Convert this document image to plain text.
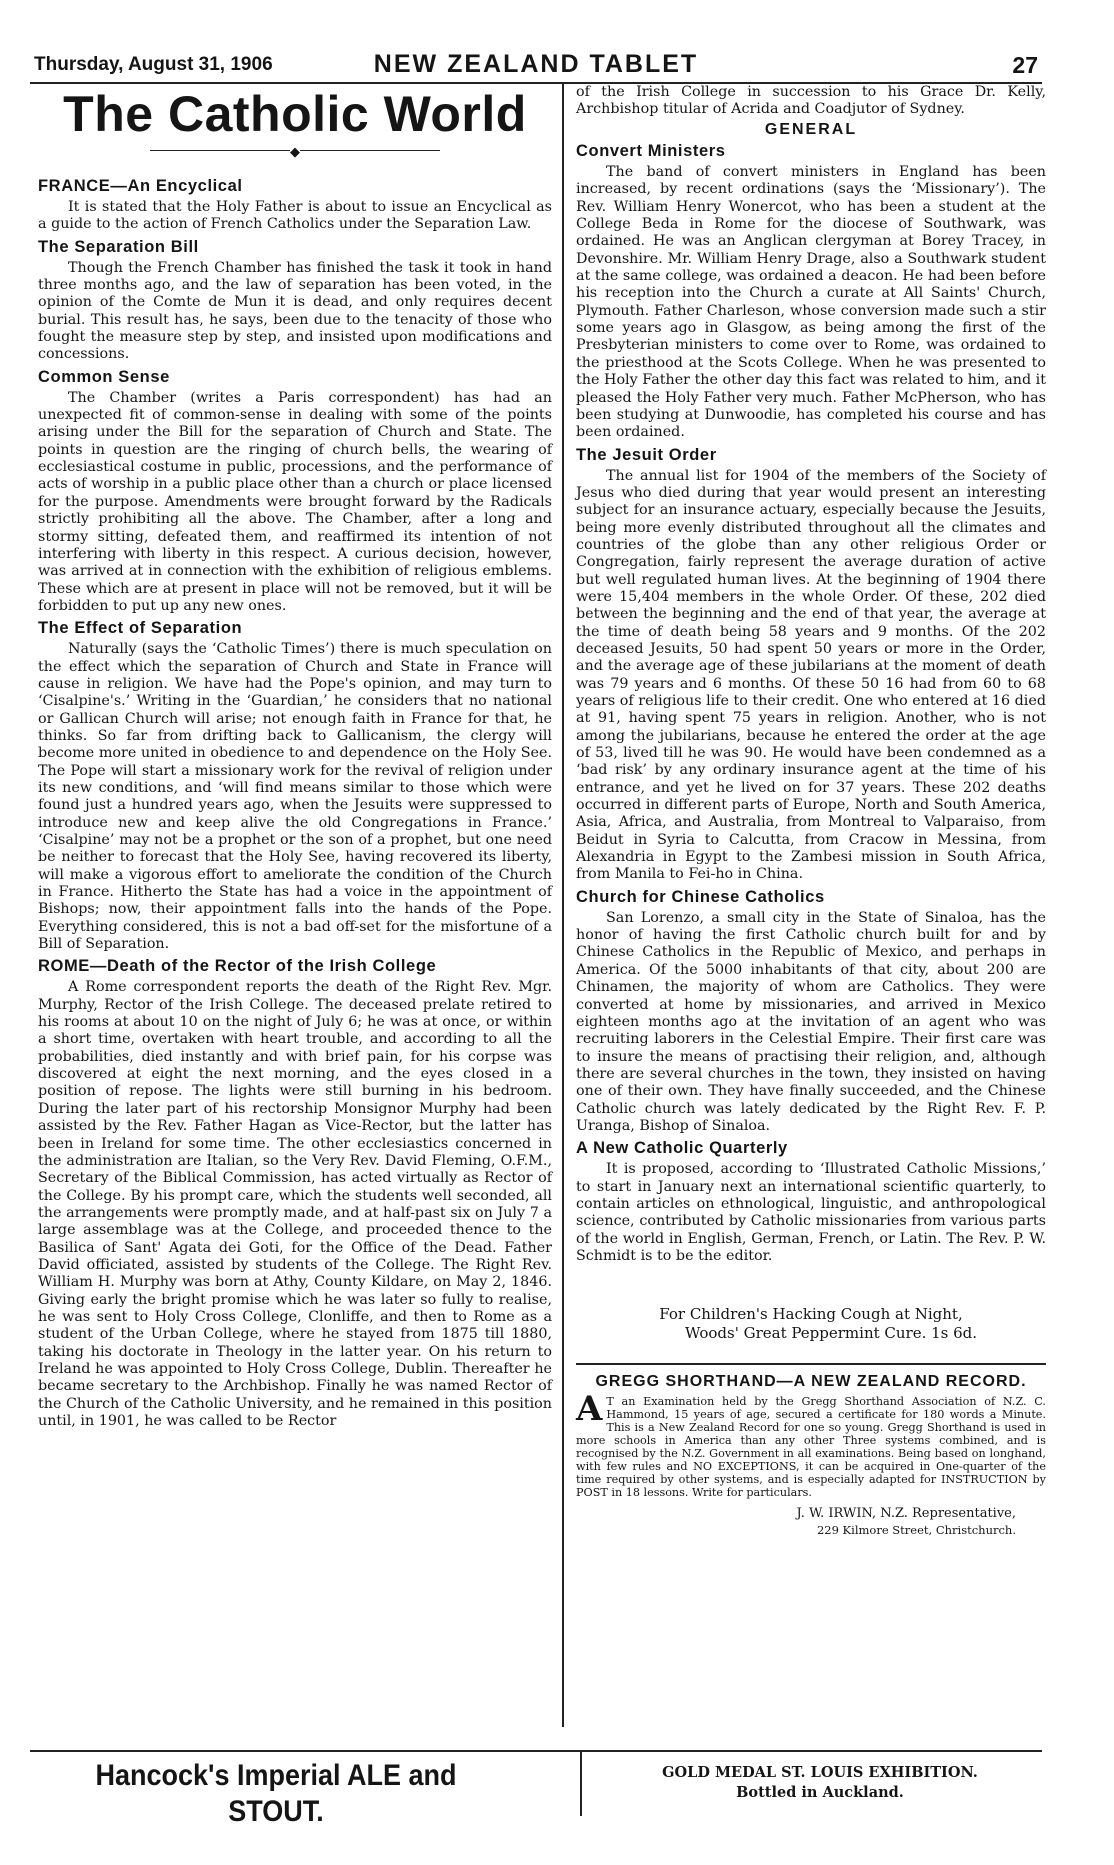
Thursday, August 31, 1906	NEW ZEALAND TABLET	27
The Catholic World
◆
FRANCE—An Encyclical

It is stated that the Holy Father is about to issue an Encyclical as a guide to the action of French Catholics under the Separation Law.

The Separation Bill

Though the French Chamber has finished the task it took in hand three months ago, and the law of separation has been voted, in the opinion of the Comte de Mun it is dead, and only requires decent burial. This result has, he says, been due to the tenacity of those who fought the measure step by step, and insisted upon modifications and concessions.

Common Sense

The Chamber (writes a Paris correspondent) has had an unexpected fit of common-sense in dealing with some of the points arising under the Bill for the separation of Church and State. The points in question are the ringing of church bells, the wearing of ecclesiastical costume in public, processions, and the performance of acts of worship in a public place other than a church or place licensed for the purpose. Amendments were brought forward by the Radicals strictly prohibiting all the above. The Chamber, after a long and stormy sitting, defeated them, and reaffirmed its intention of not interfering with liberty in this respect. A curious decision, however, was arrived at in connection with the exhibition of religious emblems. These which are at present in place will not be removed, but it will be forbidden to put up any new ones.

The Effect of Separation

Naturally (says the ‘Catholic Times’) there is much speculation on the effect which the separation of Church and State in France will cause in religion. We have had the Pope's opinion, and may turn to ‘Cisalpine's.’ Writing in the ‘Guardian,’ he considers that no national or Gallican Church will arise; not enough faith in France for that, he thinks. So far from drifting back to Gallicanism, the clergy will become more united in obedience to and dependence on the Holy See. The Pope will start a missionary work for the revival of religion under its new conditions, and ‘will find means similar to those which were found just a hundred years ago, when the Jesuits were suppressed to introduce new and keep alive the old Congregations in France.’ ‘Cisalpine’ may not be a prophet or the son of a prophet, but one need be neither to forecast that the Holy See, having recovered its liberty, will make a vigorous effort to ameliorate the condition of the Church in France. Hitherto the State has had a voice in the appointment of Bishops; now, their appointment falls into the hands of the Pope. Everything considered, this is not a bad off-set for the misfortune of a Bill of Separation.

ROME—Death of the Rector of the Irish College

A Rome correspondent reports the death of the Right Rev. Mgr. Murphy, Rector of the Irish College. The deceased prelate retired to his rooms at about 10 on the night of July 6; he was at once, or within a short time, overtaken with heart trouble, and according to all the probabilities, died instantly and with brief pain, for his corpse was discovered at eight the next morning, and the eyes closed in a position of repose. The lights were still burning in his bedroom. During the later part of his rectorship Monsignor Murphy had been assisted by the Rev. Father Hagan as Vice-Rector, but the latter has been in Ireland for some time. The other ecclesiastics concerned in the administration are Italian, so the Very Rev. David Fleming, O.F.M., Secretary of the Biblical Commission, has acted virtually as Rector of the College. By his prompt care, which the students well seconded, all the arrangements were promptly made, and at half-past six on July 7 a large assemblage was at the College, and proceeded thence to the Basilica of Sant' Agata dei Goti, for the Office of the Dead. Father David officiated, assisted by students of the College. The Right Rev. William H. Murphy was born at Athy, County Kildare, on May 2, 1846. Giving early the bright promise which he was later so fully to realise, he was sent to Holy Cross College, Clonliffe, and then to Rome as a student of the Urban College, where he stayed from 1875 till 1880, taking his doctorate in Theology in the latter year. On his return to Ireland he was appointed to Holy Cross College, Dublin. Thereafter he became secretary to the Archbishop. Finally he was named Rector of the Church of the Catholic University, and he remained in this position until, in 1901, he was called to be Rector

of the Irish College in succession to his Grace Dr. Kelly, Archbishop titular of Acrida and Coadjutor of Sydney.

GENERAL
Convert Ministers

The band of convert ministers in England has been increased, by recent ordinations (says the ‘Missionary’). The Rev. William Henry Wonercot, who has been a student at the College Beda in Rome for the diocese of Southwark, was ordained. He was an Anglican clergyman at Borey Tracey, in Devonshire. Mr. William Henry Drage, also a Southwark student at the same college, was ordained a deacon. He had been before his reception into the Church a curate at All Saints' Church, Plymouth. Father Charleson, whose conversion made such a stir some years ago in Glasgow, as being among the first of the Presbyterian ministers to come over to Rome, was ordained to the priesthood at the Scots College. When he was presented to the Holy Father the other day this fact was related to him, and it pleased the Holy Father very much. Father McPherson, who has been studying at Dunwoodie, has completed his course and has been ordained.

The Jesuit Order

The annual list for 1904 of the members of the Society of Jesus who died during that year would present an interesting subject for an insurance actuary, especially because the Jesuits, being more evenly distributed throughout all the climates and countries of the globe than any other religious Order or Congregation, fairly represent the average duration of active but well regulated human lives. At the beginning of 1904 there were 15,404 members in the whole Order. Of these, 202 died between the beginning and the end of that year, the average at the time of death being 58 years and 9 months. Of the 202 deceased Jesuits, 50 had spent 50 years or more in the Order, and the average age of these jubilarians at the moment of death was 79 years and 6 months. Of these 50 16 had from 60 to 68 years of religious life to their credit. One who entered at 16 died at 91, having spent 75 years in religion. Another, who is not among the jubilarians, because he entered the order at the age of 53, lived till he was 90. He would have been condemned as a ‘bad risk’ by any ordinary insurance agent at the time of his entrance, and yet he lived on for 37 years. These 202 deaths occurred in different parts of Europe, North and South America, Asia, Africa, and Australia, from Montreal to Valparaiso, from Beidut in Syria to Calcutta, from Cracow in Messina, from Alexandria in Egypt to the Zambesi mission in South Africa, from Manila to Fei-ho in China.

Church for Chinese Catholics

San Lorenzo, a small city in the State of Sinaloa, has the honor of having the first Catholic church built for and by Chinese Catholics in the Republic of Mexico, and perhaps in America. Of the 5000 inhabitants of that city, about 200 are Chinamen, the majority of whom are Catholics. They were converted at home by missionaries, and arrived in Mexico eighteen months ago at the invitation of an agent who was recruiting laborers in the Celestial Empire. Their first care was to insure the means of practising their religion, and, although there are several churches in the town, they insisted on having one of their own. They have finally succeeded, and the Chinese Catholic church was lately dedicated by the Right Rev. F. P. Uranga, Bishop of Sinaloa.

A New Catholic Quarterly

It is proposed, according to ‘Illustrated Catholic Missions,’ to start in January next an international scientific quarterly, to contain articles on ethnological, linguistic, and anthropological science, contributed by Catholic missionaries from various parts of the world in English, German, French, or Latin. The Rev. P. W. Schmidt is to be the editor.

For Children's Hacking Cough at Night,
Woods' Great Peppermint Cure. 1s 6d.
GREGG SHORTHAND—A NEW ZEALAND RECORD.
A T an Examination held by the Gregg Shorthand Association of N.Z. C. Hammond, 15 years of age, secured a certificate for 180 words a Minute. This is a New Zealand Record for one so young. Gregg Shorthand is used in more schools in America than any other Three systems combined, and is recognised by the N.Z. Government in all examinations. Being based on longhand, with few rules and NO EXCEPTIONS, it can be acquired in One-quarter of the time required by other systems, and is especially adapted for INSTRUCTION by POST in 18 lessons. Write for particulars.
J. W. IRWIN, N.Z. Representative,
229 Kilmore Street, Christchurch.
Hancock's Imperial ALE and STOUT.
GOLD MEDAL ST. LOUIS EXHIBITION.
Bottled in Auckland.
